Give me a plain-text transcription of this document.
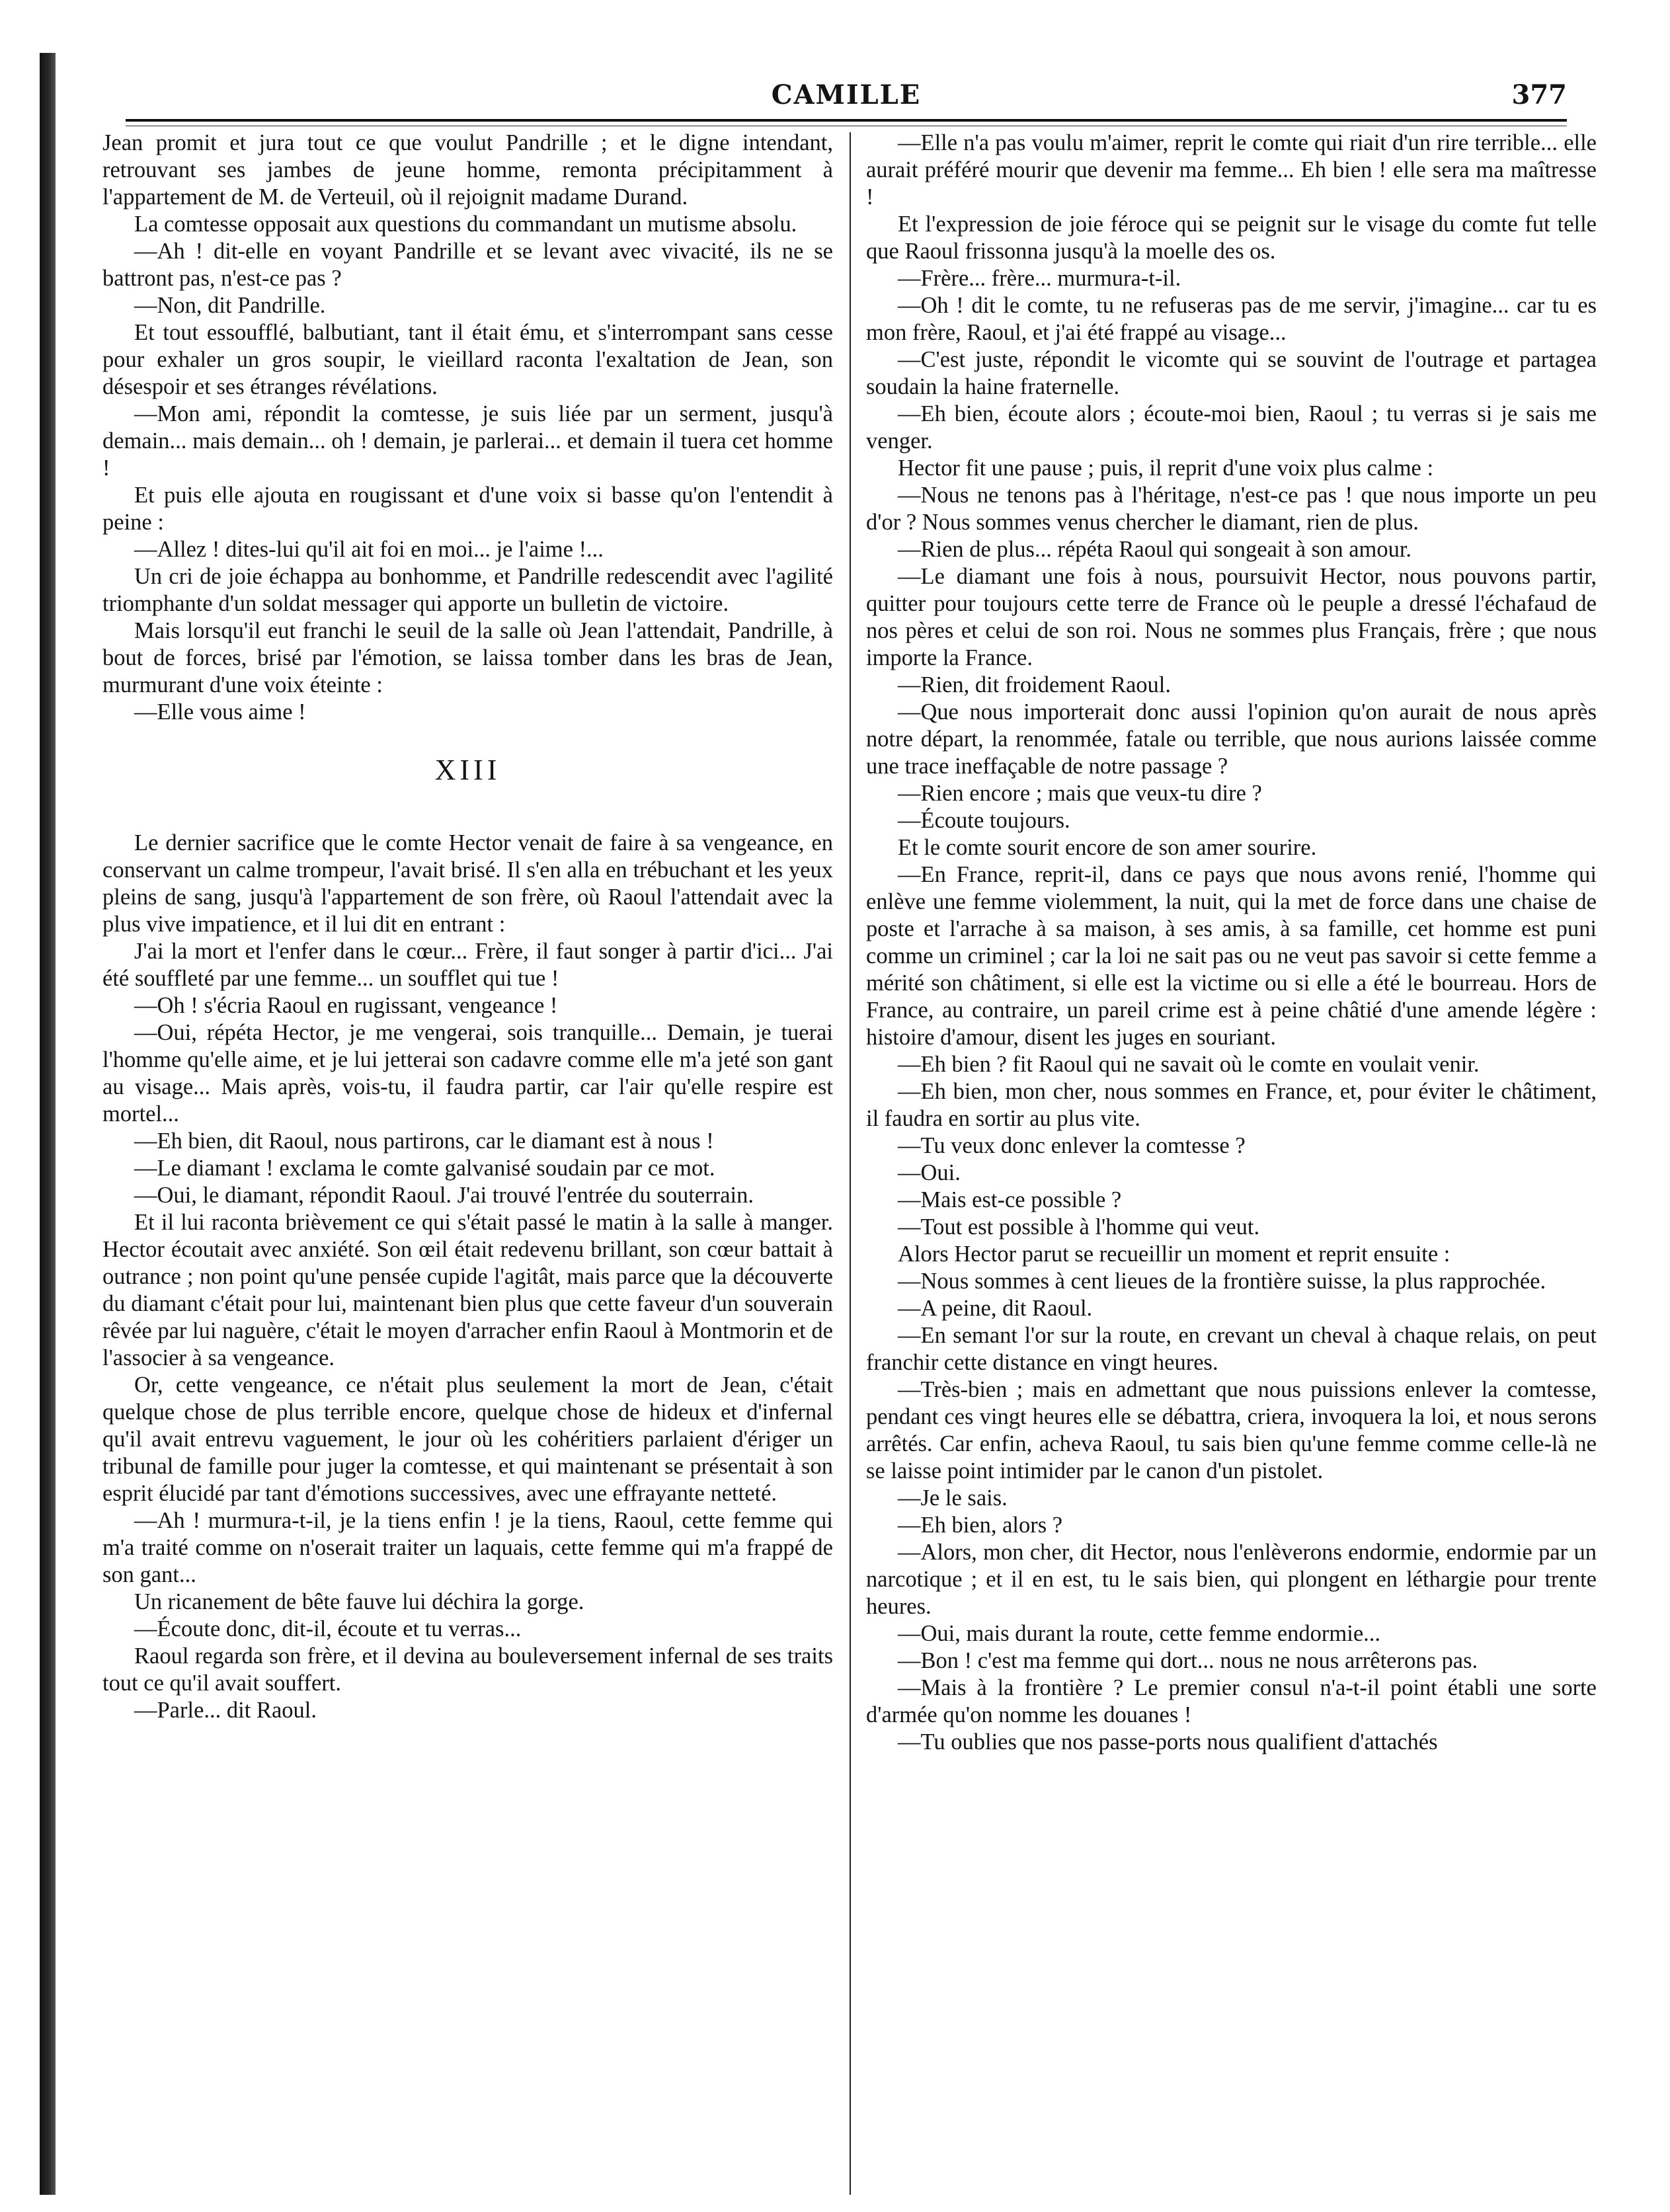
CAMILLE	377

Jean promit et jura tout ce que voulut Pandrille ; et le digne intendant, retrouvant ses jambes de jeune homme, remonta précipitamment à l'appartement de M. de Verteuil, où il rejoignit madame Durand.

La comtesse opposait aux questions du commandant un mutisme absolu.

—Ah ! dit-elle en voyant Pandrille et se levant avec vivacité, ils ne se battront pas, n'est-ce pas ?

—Non, dit Pandrille.

Et tout essoufflé, balbutiant, tant il était ému, et s'interrompant sans cesse pour exhaler un gros soupir, le vieillard raconta l'exaltation de Jean, son désespoir et ses étranges révélations.

—Mon ami, répondit la comtesse, je suis liée par un serment, jusqu'à demain... mais demain... oh ! demain, je parlerai... et demain il tuera cet homme !

Et puis elle ajouta en rougissant et d'une voix si basse qu'on l'entendit à peine :

—Allez ! dites-lui qu'il ait foi en moi... je l'aime !...

Un cri de joie échappa au bonhomme, et Pandrille redescendit avec l'agilité triomphante d'un soldat messager qui apporte un bulletin de victoire.

Mais lorsqu'il eut franchi le seuil de la salle où Jean l'attendait, Pandrille, à bout de forces, brisé par l'émotion, se laissa tomber dans les bras de Jean, murmurant d'une voix éteinte :

—Elle vous aime !

XIII

Le dernier sacrifice que le comte Hector venait de faire à sa vengeance, en conservant un calme trompeur, l'avait brisé. Il s'en alla en trébuchant et les yeux pleins de sang, jusqu'à l'appartement de son frère, où Raoul l'attendait avec la plus vive impatience, et il lui dit en entrant :

J'ai la mort et l'enfer dans le cœur... Frère, il faut songer à partir d'ici... J'ai été souffleté par une femme... un soufflet qui tue !

—Oh ! s'écria Raoul en rugissant, vengeance !

—Oui, répéta Hector, je me vengerai, sois tranquille... Demain, je tuerai l'homme qu'elle aime, et je lui jetterai son cadavre comme elle m'a jeté son gant au visage... Mais après, vois-tu, il faudra partir, car l'air qu'elle respire est mortel...

—Eh bien, dit Raoul, nous partirons, car le diamant est à nous !

—Le diamant ! exclama le comte galvanisé soudain par ce mot.

—Oui, le diamant, répondit Raoul. J'ai trouvé l'entrée du souterrain.

Et il lui raconta brièvement ce qui s'était passé le matin à la salle à manger. Hector écoutait avec anxiété. Son œil était redevenu brillant, son cœur battait à outrance ; non point qu'une pensée cupide l'agitât, mais parce que la découverte du diamant c'était pour lui, maintenant bien plus que cette faveur d'un souverain rêvée par lui naguère, c'était le moyen d'arracher enfin Raoul à Montmorin et de l'associer à sa vengeance.

Or, cette vengeance, ce n'était plus seulement la mort de Jean, c'était quelque chose de plus terrible encore, quelque chose de hideux et d'infernal qu'il avait entrevu vaguement, le jour où les cohéritiers parlaient d'ériger un tribunal de famille pour juger la comtesse, et qui maintenant se présentait à son esprit élucidé par tant d'émotions successives, avec une effrayante netteté.

—Ah ! murmura-t-il, je la tiens enfin ! je la tiens, Raoul, cette femme qui m'a traité comme on n'oserait traiter un laquais, cette femme qui m'a frappé de son gant...

Un ricanement de bête fauve lui déchira la gorge.

—Écoute donc, dit-il, écoute et tu verras...

Raoul regarda son frère, et il devina au bouleversement infernal de ses traits tout ce qu'il avait souffert.

—Parle... dit Raoul.

—Elle n'a pas voulu m'aimer, reprit le comte qui riait d'un rire terrible... elle aurait préféré mourir que devenir ma femme... Eh bien ! elle sera ma maîtresse !

Et l'expression de joie féroce qui se peignit sur le visage du comte fut telle que Raoul frissonna jusqu'à la moelle des os.

—Frère... frère... murmura-t-il.

—Oh ! dit le comte, tu ne refuseras pas de me servir, j'imagine... car tu es mon frère, Raoul, et j'ai été frappé au visage...

—C'est juste, répondit le vicomte qui se souvint de l'outrage et partagea soudain la haine fraternelle.

—Eh bien, écoute alors ; écoute-moi bien, Raoul ; tu verras si je sais me venger.

Hector fit une pause ; puis, il reprit d'une voix plus calme :

—Nous ne tenons pas à l'héritage, n'est-ce pas ! que nous importe un peu d'or ? Nous sommes venus chercher le diamant, rien de plus.

—Rien de plus... répéta Raoul qui songeait à son amour.

—Le diamant une fois à nous, poursuivit Hector, nous pouvons partir, quitter pour toujours cette terre de France où le peuple a dressé l'échafaud de nos pères et celui de son roi. Nous ne sommes plus Français, frère ; que nous importe la France.

—Rien, dit froidement Raoul.

—Que nous importerait donc aussi l'opinion qu'on aurait de nous après notre départ, la renommée, fatale ou terrible, que nous aurions laissée comme une trace ineffaçable de notre passage ?

—Rien encore ; mais que veux-tu dire ?

—Écoute toujours.

Et le comte sourit encore de son amer sourire.

—En France, reprit-il, dans ce pays que nous avons renié, l'homme qui enlève une femme violemment, la nuit, qui la met de force dans une chaise de poste et l'arrache à sa maison, à ses amis, à sa famille, cet homme est puni comme un criminel ; car la loi ne sait pas ou ne veut pas savoir si cette femme a mérité son châtiment, si elle est la victime ou si elle a été le bourreau. Hors de France, au contraire, un pareil crime est à peine châtié d'une amende légère : histoire d'amour, disent les juges en souriant.

—Eh bien ? fit Raoul qui ne savait où le comte en voulait venir.

—Eh bien, mon cher, nous sommes en France, et, pour éviter le châtiment, il faudra en sortir au plus vite.

—Tu veux donc enlever la comtesse ?

—Oui.

—Mais est-ce possible ?

—Tout est possible à l'homme qui veut.

Alors Hector parut se recueillir un moment et reprit ensuite :

—Nous sommes à cent lieues de la frontière suisse, la plus rapprochée.

—A peine, dit Raoul.

—En semant l'or sur la route, en crevant un cheval à chaque relais, on peut franchir cette distance en vingt heures.

—Très-bien ; mais en admettant que nous puissions enlever la comtesse, pendant ces vingt heures elle se débattra, criera, invoquera la loi, et nous serons arrêtés. Car enfin, acheva Raoul, tu sais bien qu'une femme comme celle-là ne se laisse point intimider par le canon d'un pistolet.

—Je le sais.

—Eh bien, alors ?

—Alors, mon cher, dit Hector, nous l'enlèverons endormie, endormie par un narcotique ; et il en est, tu le sais bien, qui plongent en léthargie pour trente heures.

—Oui, mais durant la route, cette femme endormie...

—Bon ! c'est ma femme qui dort... nous ne nous arrêterons pas.

—Mais à la frontière ? Le premier consul n'a-t-il point établi une sorte d'armée qu'on nomme les douanes !

—Tu oublies que nos passe-ports nous qualifient d'attachés
